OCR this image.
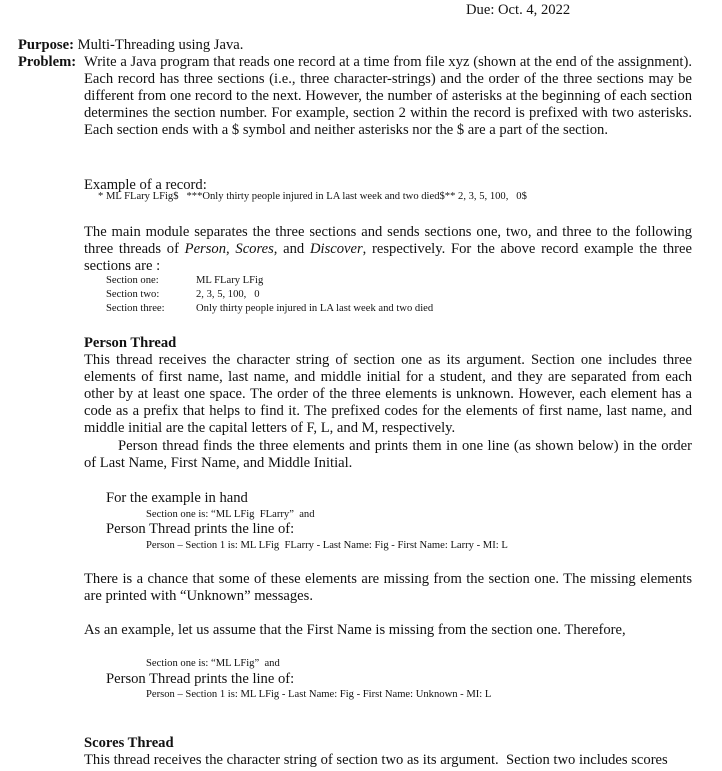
Due: Oct. 4, 2022
Purpose: Multi-Threading using Java.
Problem: Write a Java program that reads one record at a time from file xyz (shown at the end of the assignment). Each record has three sections (i.e., three character-strings) and the order of the three sections may be different from one record to the next. However, the number of asterisks at the beginning of each section determines the section number. For example, section 2 within the record is prefixed with two asterisks. Each section ends with a $ symbol and neither asterisks nor the $ are a part of the section.
Example of a record:
* ML FLary LFig$   ***Only thirty people injured in LA last week and two died$** 2, 3, 5, 100,   0$
The main module separates the three sections and sends sections one, two, and three to the following three threads of Person, Scores, and Discover, respectively. For the above record example the three sections are :
Section one:	ML FLary LFig
Section two:	2, 3, 5, 100,   0
Section three:	Only thirty people injured in LA last week and two died
Person Thread
This thread receives the character string of section one as its argument. Section one includes three elements of first name, last name, and middle initial for a student, and they are separated from each other by at least one space. The order of the three elements is unknown. However, each element has a code as a prefix that helps to find it. The prefixed codes for the elements of first name, last name, and middle initial are the capital letters of F, L, and M, respectively.
Person thread finds the three elements and prints them in one line (as shown below) in the order of Last Name, First Name, and Middle Initial.
For the example in hand
Section one is: “ML LFig  FLarry”  and
Person Thread prints the line of:
Person – Section 1 is: ML LFig  FLarry - Last Name: Fig - First Name: Larry - MI: L
There is a chance that some of these elements are missing from the section one. The missing elements are printed with “Unknown” messages.
As an example, let us assume that the First Name is missing from the section one. Therefore,
Section one is: “ML LFig”  and
Person Thread prints the line of:
Person – Section 1 is: ML LFig - Last Name: Fig - First Name: Unknown - MI: L
Scores Thread
This thread receives the character string of section two as its argument.  Section two includes scores
